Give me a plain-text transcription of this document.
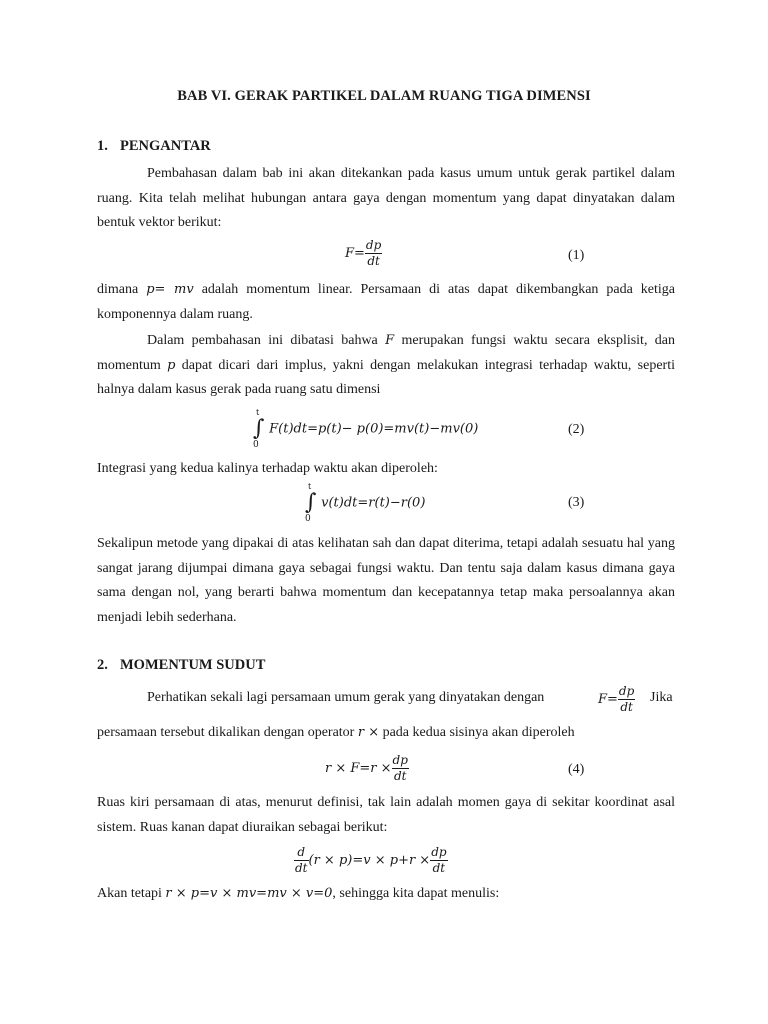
BAB VI. GERAK PARTIKEL DALAM RUANG TIGA DIMENSI
1. PENGANTAR

Pembahasan dalam bab ini akan ditekankan pada kasus umum untuk gerak partikel dalam ruang. Kita telah melihat hubungan antara gaya dengan momentum yang dapat dinyatakan dalam bentuk vektor berikut:

$F= \frac{dp}{dt}$	(1)

dimana p= mv adalah momentum linear. Persamaan di atas dapat dikembangkan pada ketiga komponennya dalam ruang.

Dalam pembahasan ini dibatasi bahwa F merupakan fungsi waktu secara eksplisit, dan momentum p dapat dicari dari implus, yakni dengan melakukan integrasi terhadap waktu, seperti halnya dalam kasus gerak pada ruang satu dimensi

∫
t
0
F(t)dt=p(t)− p(0)=mv(t)−mv(0)	(2)
Integrasi yang kedua kalinya terhadap waktu akan diperoleh:
∫
t
0
v(t)dt=r(t)−r(0)	(3)

Sekalipun metode yang dipakai di atas kelihatan sah dan dapat diterima, tetapi adalah sesuatu hal yang sangat jarang dijumpai dimana gaya sebagai fungsi waktu. Dan tentu saja dalam kasus dimana gaya sama dengan nol, yang berarti bahwa momentum dan kecepatannya tetap maka persoalannya akan menjadi lebih sederhana.

2. MOMENTUM SUDUT
Perhatikan sekali lagi persamaan umum gerak yang dinyatakan dengan	$F= \frac{dp}{dt}$ Jika
persamaan tersebut dikalikan dengan operator r × pada kedua sisinya akan diperoleh
$r \times F=r \times \frac{dp}{dt}$	(4)

Ruas kiri persamaan di atas, menurut definisi, tak lain adalah momen gaya di sekitar koordinat asal sistem. Ruas kanan dapat diuraikan sebagai berikut:

$\frac{d}{dt} (r \times p)=v \times p+r \times \frac{dp}{dt}$
Akan tetapi r × p=v × mv=mv × v=0, sehingga kita dapat menulis:
